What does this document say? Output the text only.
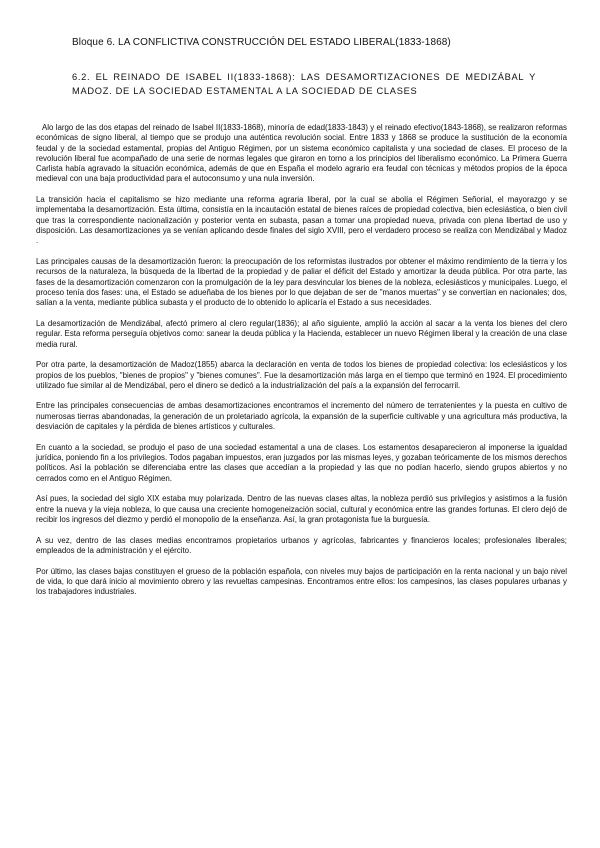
Bloque 6. LA CONFLICTIVA CONSTRUCCIÓN DEL ESTADO LIBERAL(1833-1868)
6.2. EL REINADO DE ISABEL II(1833-1868): LAS DESAMORTIZACIONES DE MEDIZÁBAL Y MADOZ. DE LA SOCIEDAD ESTAMENTAL A LA SOCIEDAD DE CLASES

Alo largo de las dos etapas del reinado de Isabel II(1833-1868), minoría de edad(1833-1843) y el reinado efectivo(1843-1868), se realizaron reformas económicas de signo liberal, al tiempo que se produjo una auténtica revolución social. Entre 1833 y 1868 se produce la sustitución de la economía feudal y de la sociedad estamental, propias del Antiguo Régimen, por un sistema económico capitalista y una sociedad de clases. El proceso de la revolución liberal fue acompañado de una serie de normas legales que giraron en torno a los principios del liberalismo económico. La Primera Guerra Carlista había agravado la situación económica, además de que en España el modelo agrario era feudal con técnicas y métodos propios de la época medieval con una baja productividad para el autoconsumo y una nula inversión.

La transición hacia el capitalismo se hizo mediante una reforma agraria liberal, por la cual se abolía el Régimen Señorial, el mayorazgo y se implementaba la desamortización. Esta última, consistía en la incautación estatal de bienes raíces de propiedad colectiva, bien eclesiástica, o bien civil que tras la correspondiente nacionalización y posterior venta en subasta, pasan a tomar una propiedad nueva, privada con plena libertad de uso y disposición. Las desamortizaciones ya se venían aplicando desde finales del siglo XVIII, pero el verdadero proceso se realiza con Mendizábal y Madoz .

Las principales causas de la desamortización fueron: la preocupación de los reformistas ilustrados por obtener el máximo rendimiento de la tierra y los recursos de la naturaleza, la búsqueda de la libertad de la propiedad y de paliar el déficit del Estado y amortizar la deuda pública. Por otra parte, las fases de la desamortización comenzaron con la promulgación de la ley para desvincular los bienes de la nobleza, eclesiásticos y municipales. Luego, el proceso tenía dos fases: una, el Estado se adueñaba de los bienes por lo que dejaban de ser de "manos muertas" y se convertían en nacionales; dos, salían a la venta, mediante pública subasta y el producto de lo obtenido lo aplicaría el Estado a sus necesidades.

La desamortización de Mendizábal, afectó primero al clero regular(1836); al año siguiente, amplió la acción al sacar a la venta los bienes del clero regular. Esta reforma perseguía objetivos como: sanear la deuda pública y la Hacienda, establecer un nuevo Régimen liberal y la creación de una clase media rural.

Por otra parte, la desamortización de Madoz(1855) abarca la declaración en venta de todos los bienes de propiedad colectiva: los eclesiásticos y los propios de los pueblos, "bienes de propios" y "bienes comunes". Fue la desamortización más larga en el tiempo que terminó en 1924. El procedimiento utilizado fue similar al de Mendizábal, pero el dinero se dedicó a la industrialización del país a la expansión del ferrocarril.

Entre las principales consecuencias de ambas desamortizaciones encontramos el incremento del número de terratenientes y la puesta en cultivo de numerosas tierras abandonadas, la generación de un proletariado agrícola, la expansión de la superficie cultivable y una agricultura más productiva, la desviación de capitales y la pérdida de bienes artísticos y culturales.

En cuanto a la sociedad, se produjo el paso de una sociedad estamental a una de clases. Los estamentos desaparecieron al imponerse la igualdad jurídica, poniendo fin a los privilegios. Todos pagaban impuestos, eran juzgados por las mismas leyes, y gozaban teóricamente de los mismos derechos políticos. Así la población se diferenciaba entre las clases que accedían a la propiedad y las que no podían hacerlo, siendo grupos abiertos y no cerrados como en el Antiguo Régimen.

Así pues, la sociedad del siglo XIX estaba muy polarizada. Dentro de las nuevas clases altas, la nobleza perdió sus privilegios y asistimos a la fusión entre la nueva y la vieja nobleza, lo que causa una creciente homogeneización social, cultural y económica entre las grandes fortunas. El clero dejó de recibir los ingresos del diezmo y perdió el monopolio de la enseñanza. Así, la gran protagonista fue la burguesía.

A su vez, dentro de las clases medias encontramos propietarios urbanos y agrícolas, fabricantes y financieros locales; profesionales liberales; empleados de la administración y el ejército.

Por último, las clases bajas constituyen el grueso de la población española, con niveles muy bajos de participación en la renta nacional y un bajo nivel de vida, lo que dará inicio al movimiento obrero y las revueltas campesinas. Encontramos entre ellos: los campesinos, las clases populares urbanas y los trabajadores industriales.
